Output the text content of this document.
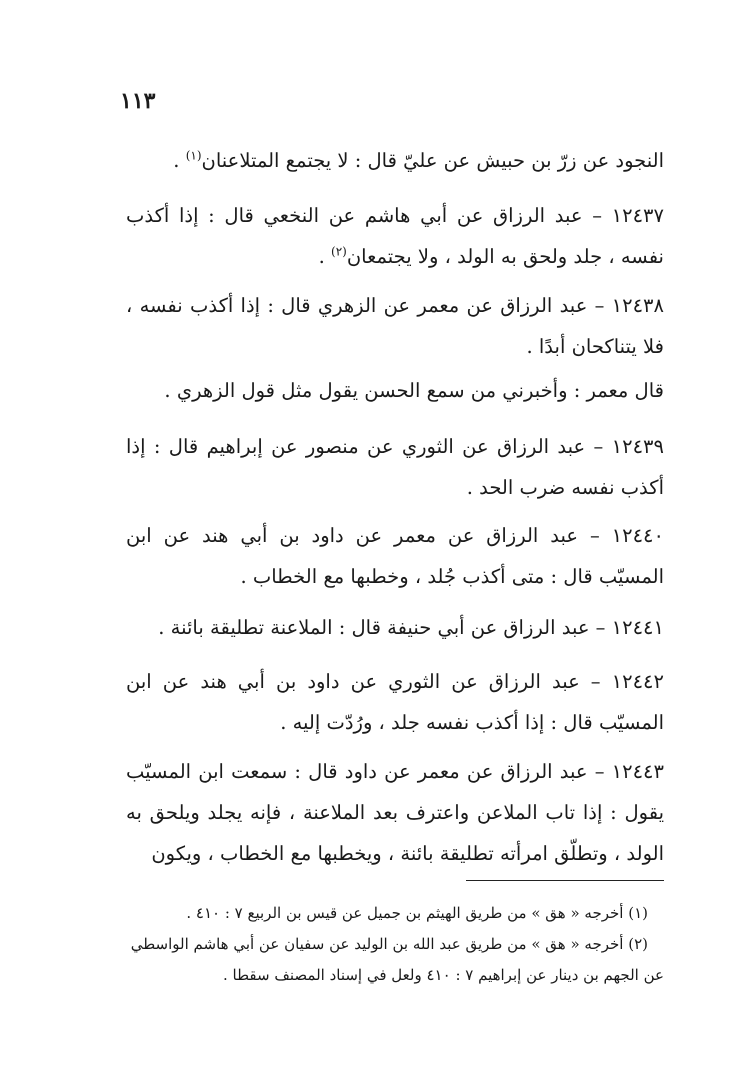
١١٣
النجود عن زرّ بن حبيش عن عليّ قال : لا يجتمع المتلاعنان$^{(١)}$ .
١٢٤٣٧ – عبد الرزاق عن أبي هاشم عن النخعي قال : إذا أكذب نفسه ، جلد ولحق به الولد ، ولا يجتمعان$^{(٢)}$ .
١٢٤٣٨ – عبد الرزاق عن معمر عن الزهري قال : إذا أكذب نفسه ، فلا يتناكحان أبدًا .
قال معمر : وأخبرني من سمع الحسن يقول مثل قول الزهري .
١٢٤٣٩ – عبد الرزاق عن الثوري عن منصور عن إبراهيم قال : إذا أكذب نفسه ضرب الحد .
١٢٤٤٠ – عبد الرزاق عن معمر عن داود بن أبي هند عن ابن المسيّب قال : متى أكذب جُلد ، وخطبها مع الخطاب .
١٢٤٤١ – عبد الرزاق عن أبي حنيفة قال : الملاعنة تطليقة بائنة .
١٢٤٤٢ – عبد الرزاق عن الثوري عن داود بن أبي هند عن ابن المسيّب قال : إذا أكذب نفسه جلد ، ورُدّت إليه .
١٢٤٤٣ – عبد الرزاق عن معمر عن داود قال : سمعت ابن المسيّب يقول : إذا تاب الملاعن واعترف بعد الملاعنة ، فإنه يجلد ويلحق به الولد ، وتطلّق امرأته تطليقة بائنة ، ويخطبها مع الخطاب ، ويكون
(١) أخرجه « هق » من طريق الهيثم بن جميل عن قيس بن الربيع ٧ : ٤١٠ .
(٢) أخرجه « هق » من طريق عبد الله بن الوليد عن سفيان عن أبي هاشم الواسطي
عن الجهم بن دينار عن إبراهيم ٧ : ٤١٠ ولعل في إسناد المصنف سقطا .
